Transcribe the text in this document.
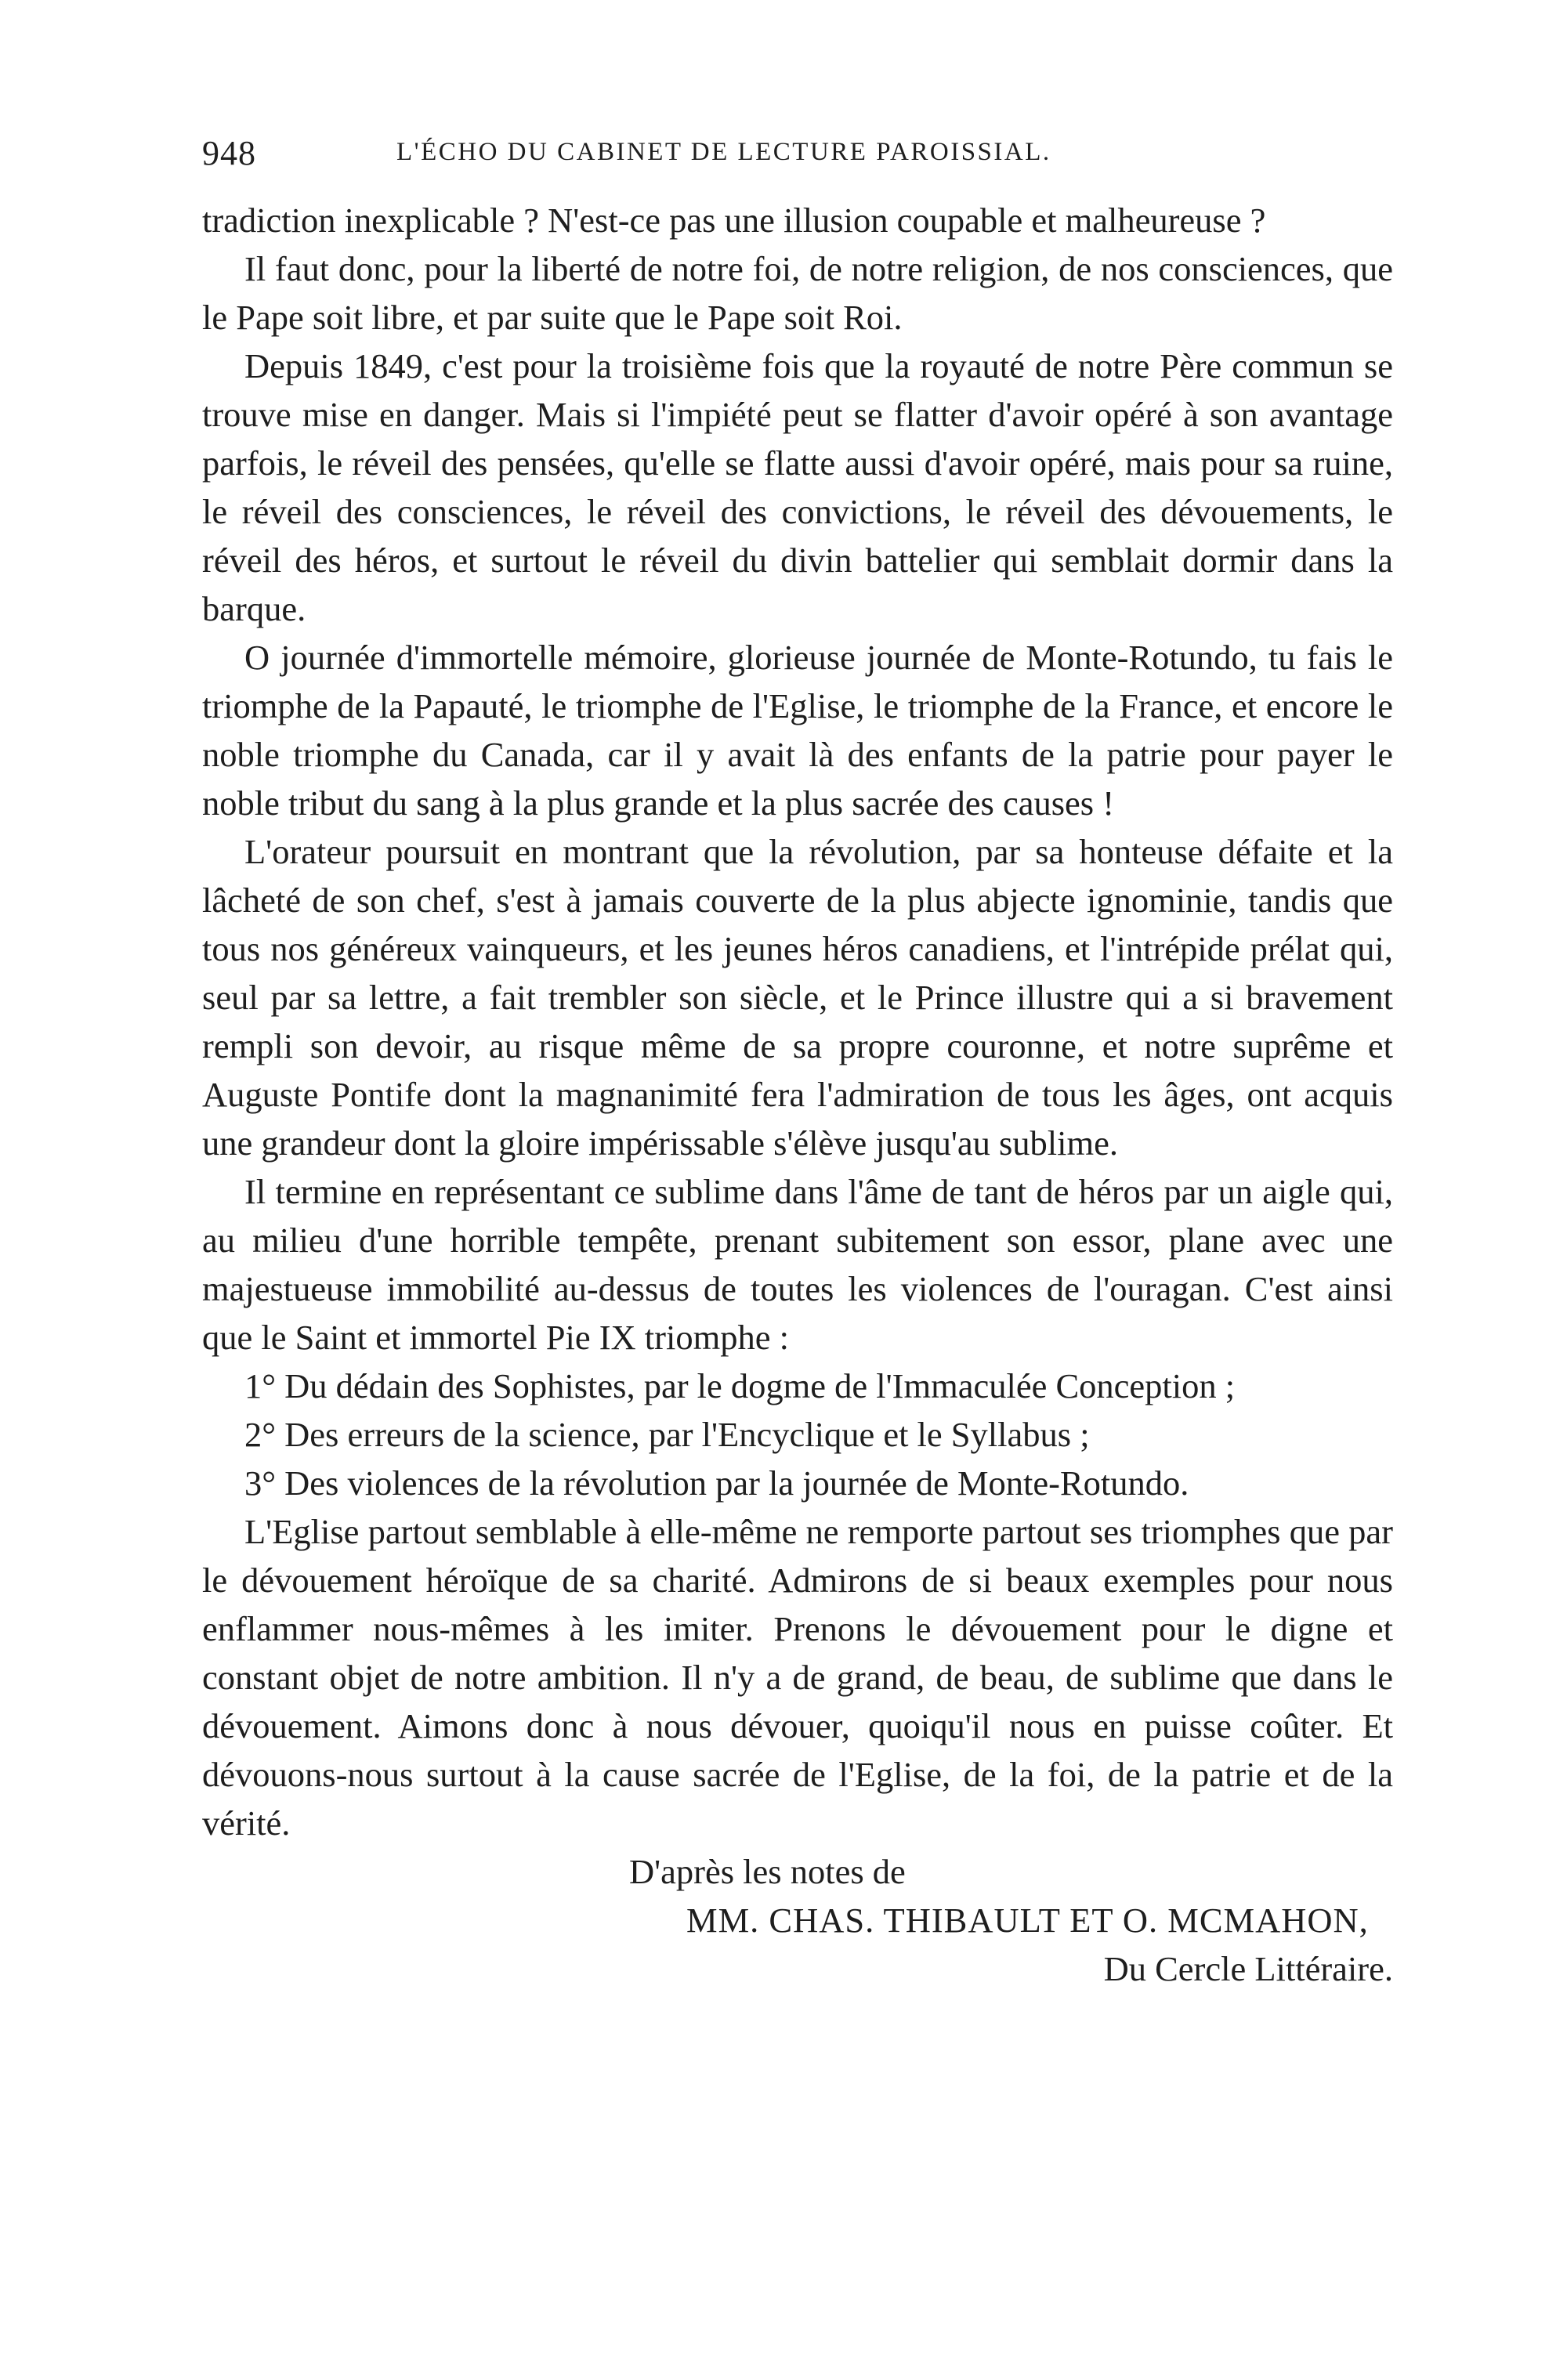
948	L'ÉCHO DU CABINET DE LECTURE PAROISSIAL.

tradiction inexplicable ? N'est-ce pas une illusion coupable et malheureuse ?

Il faut donc, pour la liberté de notre foi, de notre religion, de nos consciences, que le Pape soit libre, et par suite que le Pape soit Roi.

Depuis 1849, c'est pour la troisième fois que la royauté de notre Père commun se trouve mise en danger. Mais si l'impiété peut se flatter d'avoir opéré à son avantage parfois, le réveil des pensées, qu'elle se flatte aussi d'avoir opéré, mais pour sa ruine, le réveil des consciences, le réveil des convictions, le réveil des dévouements, le réveil des héros, et surtout le réveil du divin battelier qui semblait dormir dans la barque.

O journée d'immortelle mémoire, glorieuse journée de Monte-Rotundo, tu fais le triomphe de la Papauté, le triomphe de l'Eglise, le triomphe de la France, et encore le noble triomphe du Canada, car il y avait là des enfants de la patrie pour payer le noble tribut du sang à la plus grande et la plus sacrée des causes !

L'orateur poursuit en montrant que la révolution, par sa honteuse défaite et la lâcheté de son chef, s'est à jamais couverte de la plus abjecte ignominie, tandis que tous nos généreux vainqueurs, et les jeunes héros canadiens, et l'intrépide prélat qui, seul par sa lettre, a fait trembler son siècle, et le Prince illustre qui a si bravement rempli son devoir, au risque même de sa propre couronne, et notre suprême et Auguste Pontife dont la magnanimité fera l'admiration de tous les âges, ont acquis une grandeur dont la gloire impérissable s'élève jusqu'au sublime.

Il termine en représentant ce sublime dans l'âme de tant de héros par un aigle qui, au milieu d'une horrible tempête, prenant subitement son essor, plane avec une majestueuse immobilité au-dessus de toutes les violences de l'ouragan. C'est ainsi que le Saint et immortel Pie IX triomphe :

1° Du dédain des Sophistes, par le dogme de l'Immaculée Conception ;

2° Des erreurs de la science, par l'Encyclique et le Syllabus ;

3° Des violences de la révolution par la journée de Monte-Rotundo.

L'Eglise partout semblable à elle-même ne remporte partout ses triomphes que par le dévouement héroïque de sa charité. Admirons de si beaux exemples pour nous enflammer nous-mêmes à les imiter. Prenons le dévouement pour le digne et constant objet de notre ambition. Il n'y a de grand, de beau, de sublime que dans le dévouement. Aimons donc à nous dévouer, quoiqu'il nous en puisse coûter. Et dévouons-nous surtout à la cause sacrée de l'Eglise, de la foi, de la patrie et de la vérité.

D'après les notes de
MM. CHAS. THIBAULT ET O. MCMAHON,
Du Cercle Littéraire.
